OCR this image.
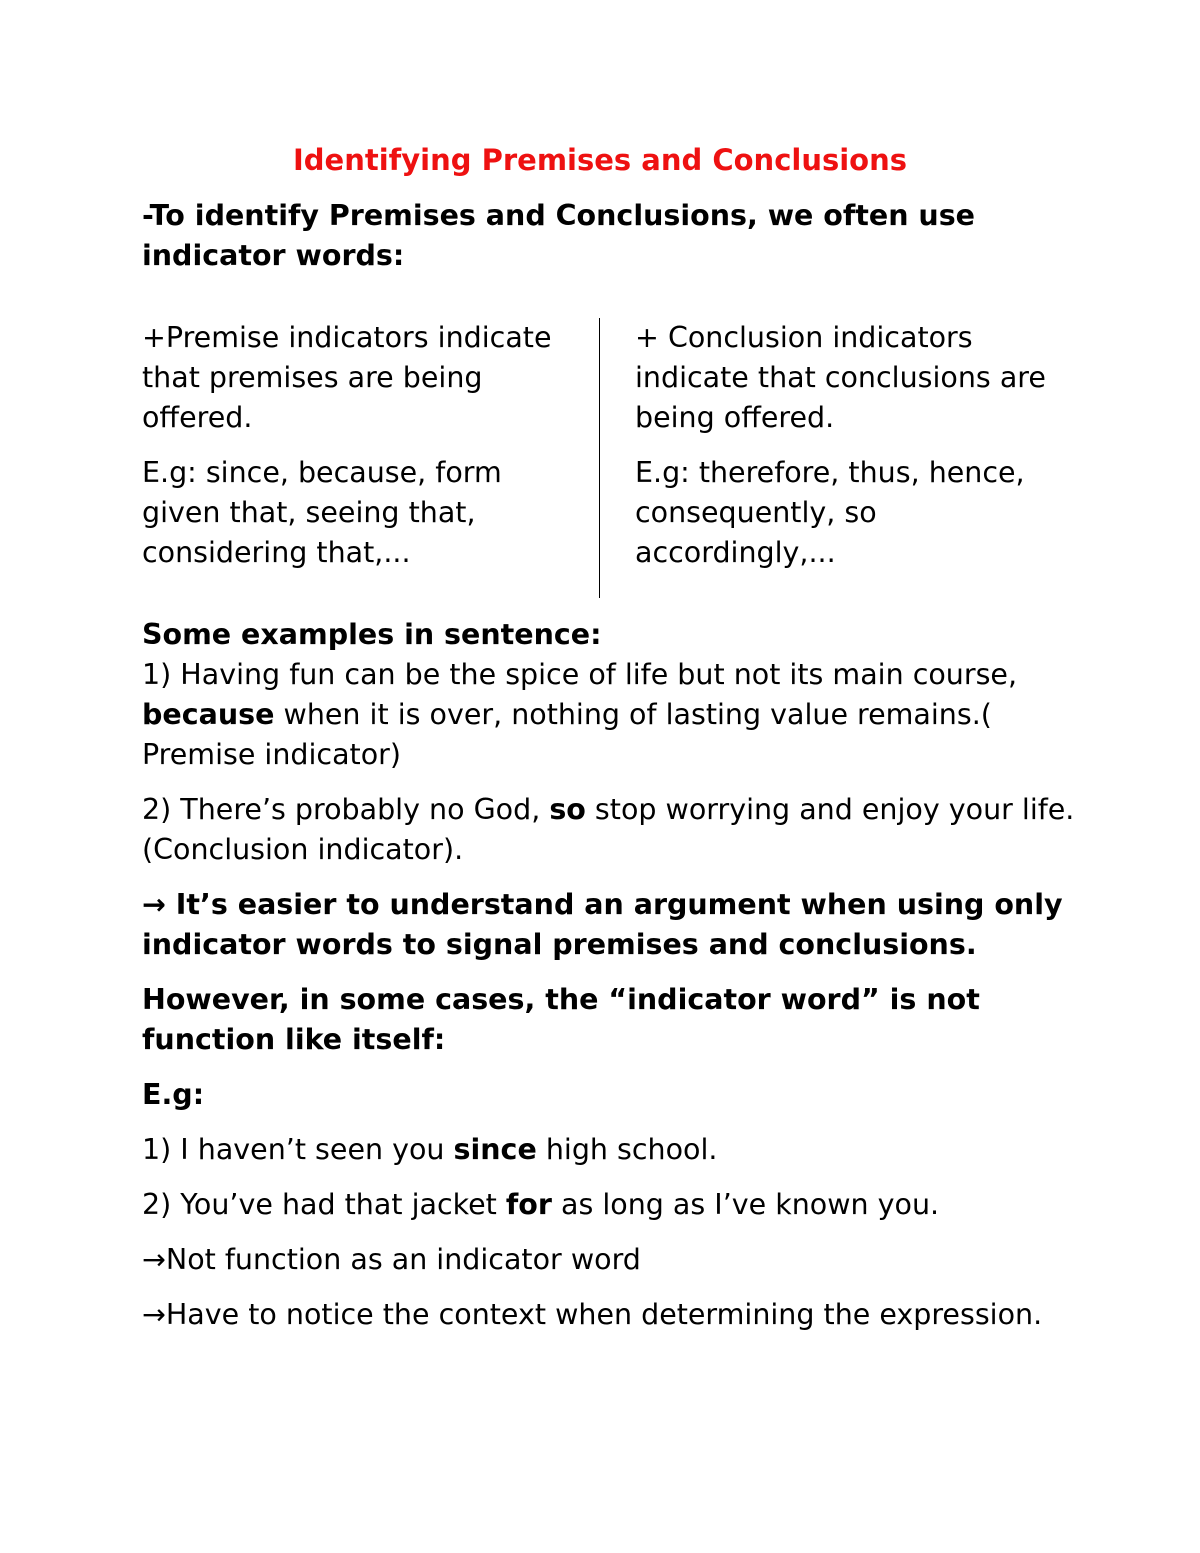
Identifying Premises and Conclusions
-To identify Premises and Conclusions, we often use indicator words:

+Premise indicators indicate that premises are being offered.

E.g: since, because, form given that, seeing that, considering that,...

+ Conclusion indicators indicate that conclusions are being offered.

E.g: therefore, thus, hence, consequently, so accordingly,...

Some examples in sentence:

1) Having fun can be the spice of life but not its main course, because when it is over, nothing of lasting value remains.( Premise indicator)

2) There’s probably no God, so stop worrying and enjoy your life.(Conclusion indicator).

→ It’s easier to understand an argument when using only indicator words to signal premises and conclusions.

However, in some cases, the “indicator word” is not function like itself:

E.g:

1) I haven’t seen you since high school.

2) You’ve had that jacket for as long as I’ve known you.

→Not function as an indicator word

→Have to notice the context when determining the expression.
